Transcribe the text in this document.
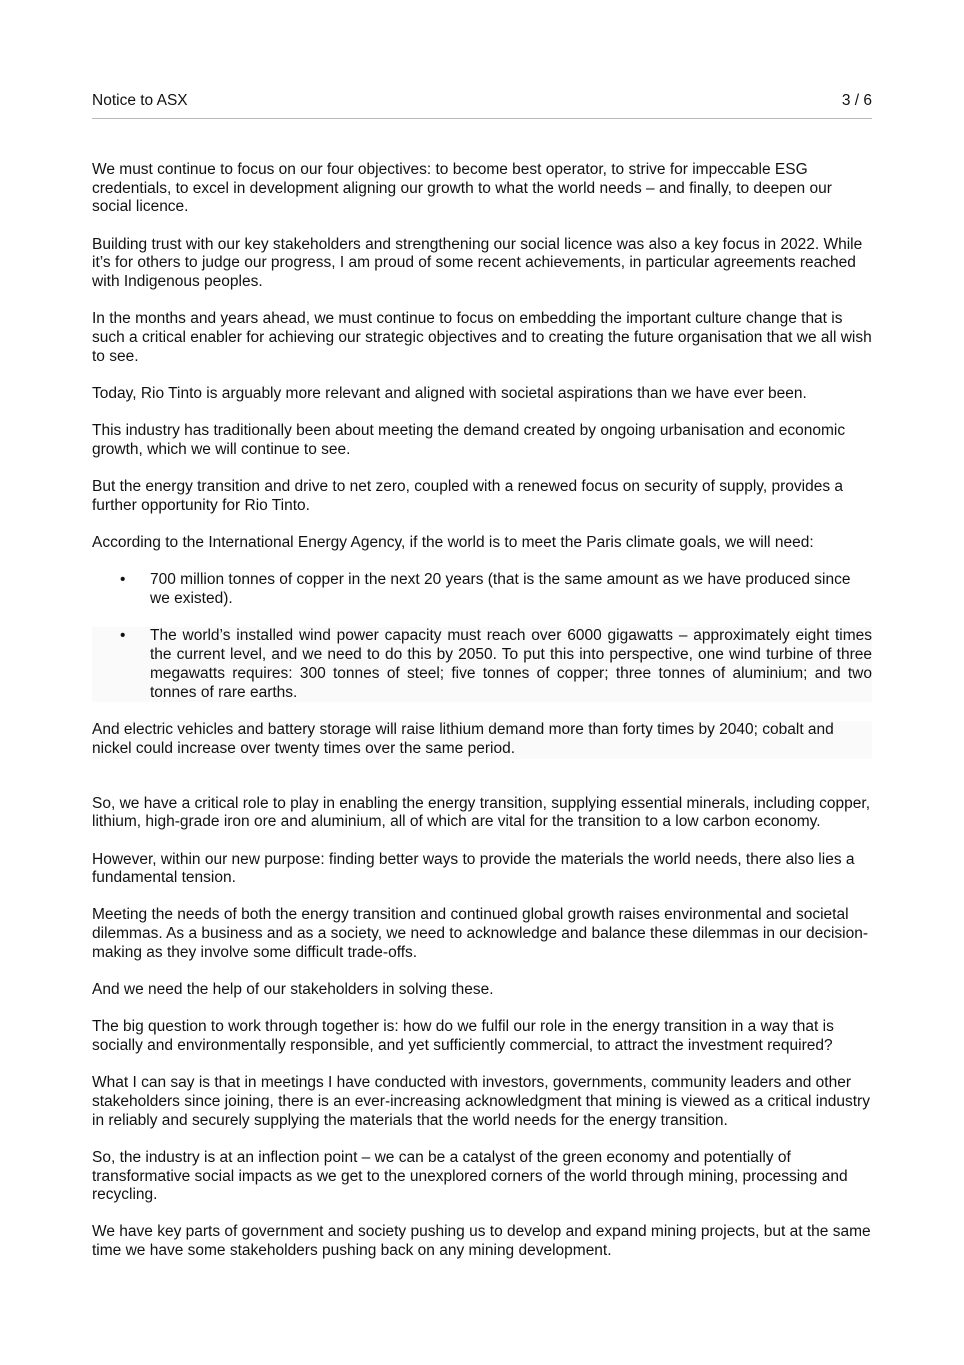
Notice to ASX	3 / 6

We must continue to focus on our four objectives: to become best operator, to strive for impeccable ESG credentials, to excel in development aligning our growth to what the world needs – and finally, to deepen our social licence.

Building trust with our key stakeholders and strengthening our social licence was also a key focus in 2022. While it’s for others to judge our progress, I am proud of some recent achievements, in particular agreements reached with Indigenous peoples.

In the months and years ahead, we must continue to focus on embedding the important culture change that is such a critical enabler for achieving our strategic objectives and to creating the future organisation that we all wish to see.

Today, Rio Tinto is arguably more relevant and aligned with societal aspirations than we have ever been.

This industry has traditionally been about meeting the demand created by ongoing urbanisation and economic growth, which we will continue to see.

But the energy transition and drive to net zero, coupled with a renewed focus on security of supply, provides a further opportunity for Rio Tinto.

According to the International Energy Agency, if the world is to meet the Paris climate goals, we will need:

• 700 million tonnes of copper in the next 20 years (that is the same amount as we have produced since we existed).
• The world’s installed wind power capacity must reach over 6000 gigawatts – approximately eight times the current level, and we need to do this by 2050. To put this into perspective, one wind turbine of three megawatts requires: 300 tonnes of steel; five tonnes of copper; three tonnes of aluminium; and two tonnes of rare earths.

And electric vehicles and battery storage will raise lithium demand more than forty times by 2040; cobalt and nickel could increase over twenty times over the same period.

So, we have a critical role to play in enabling the energy transition, supplying essential minerals, including copper, lithium, high-grade iron ore and aluminium, all of which are vital for the transition to a low carbon economy.

However, within our new purpose: finding better ways to provide the materials the world needs, there also lies a fundamental tension.

Meeting the needs of both the energy transition and continued global growth raises environmental and societal dilemmas. As a business and as a society, we need to acknowledge and balance these dilemmas in our decision-making as they involve some difficult trade-offs.

And we need the help of our stakeholders in solving these.

The big question to work through together is: how do we fulfil our role in the energy transition in a way that is socially and environmentally responsible, and yet sufficiently commercial, to attract the investment required?

What I can say is that in meetings I have conducted with investors, governments, community leaders and other stakeholders since joining, there is an ever-increasing acknowledgment that mining is viewed as a critical industry in reliably and securely supplying the materials that the world needs for the energy transition.

So, the industry is at an inflection point – we can be a catalyst of the green economy and potentially of transformative social impacts as we get to the unexplored corners of the world through mining, processing and recycling.

We have key parts of government and society pushing us to develop and expand mining projects, but at the same time we have some stakeholders pushing back on any mining development.
